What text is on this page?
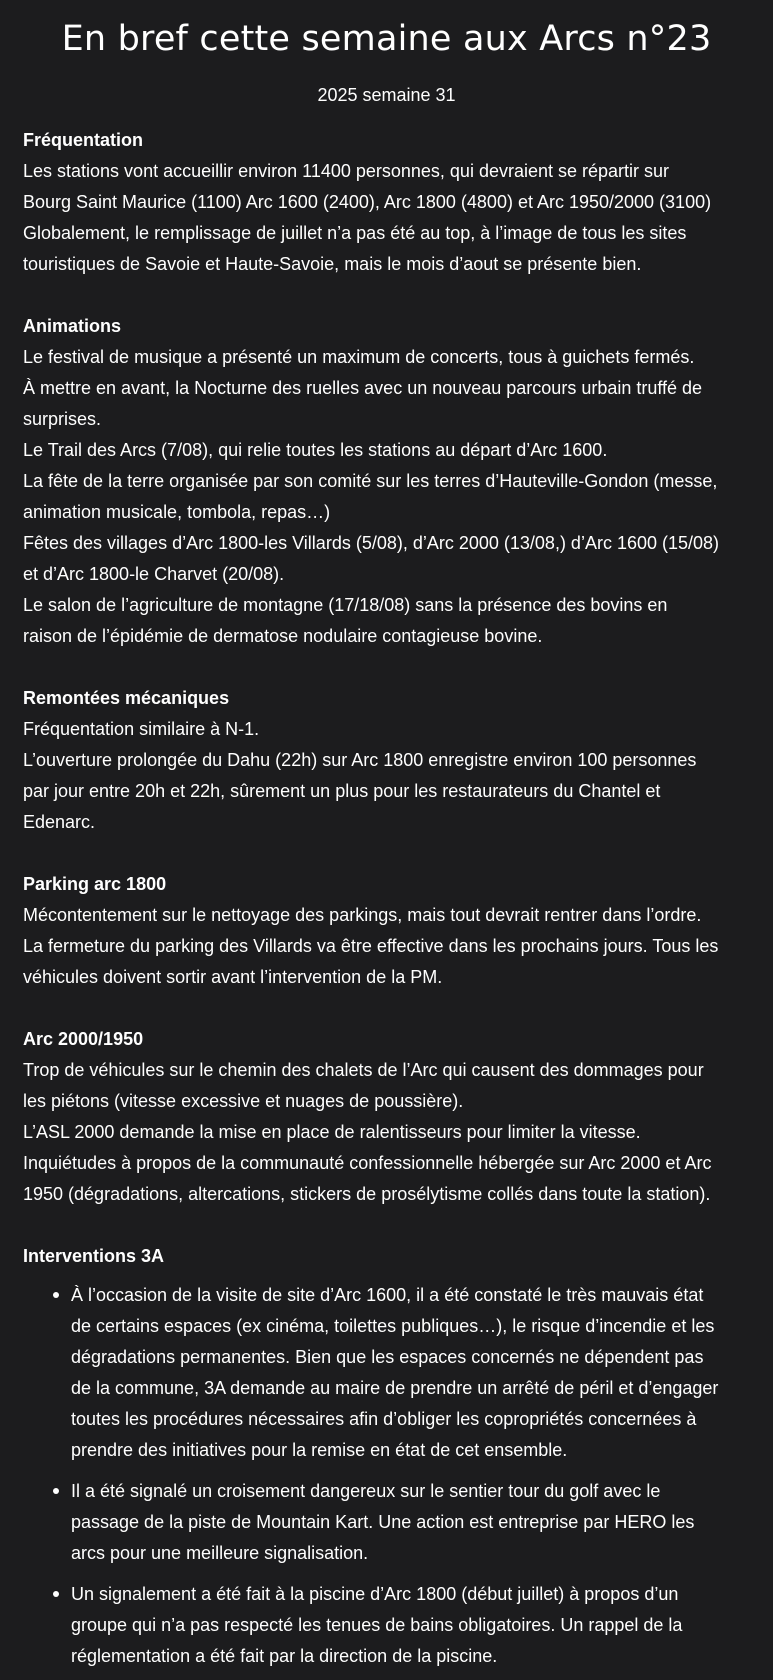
En bref cette semaine aux Arcs n°23
2025 semaine 31
Fréquentation
Les stations vont accueillir environ 11400 personnes, qui devraient se répartir sur
Bourg Saint Maurice (1100) Arc 1600 (2400), Arc 1800 (4800) et Arc 1950/2000 (3100)
Globalement, le remplissage de juillet n’a pas été au top, à l’image de tous les sites
touristiques de Savoie et Haute-Savoie, mais le mois d’aout se présente bien.
Animations
Le festival de musique a présenté un maximum de concerts, tous à guichets fermés.
À mettre en avant, la Nocturne des ruelles avec un nouveau parcours urbain truffé de
surprises.
Le Trail des Arcs (7/08), qui relie toutes les stations au départ d’Arc 1600.
La fête de la terre organisée par son comité sur les terres d’Hauteville-Gondon (messe,
animation musicale, tombola, repas…)
Fêtes des villages d’Arc 1800-les Villards (5/08), d’Arc 2000 (13/08,) d’Arc 1600 (15/08)
et d’Arc 1800-le Charvet (20/08).
Le salon de l’agriculture de montagne (17/18/08) sans la présence des bovins en
raison de l’épidémie de dermatose nodulaire contagieuse bovine.
Remontées mécaniques
Fréquentation similaire à N-1.
L’ouverture prolongée du Dahu (22h) sur Arc 1800 enregistre environ 100 personnes
par jour entre 20h et 22h, sûrement un plus pour les restaurateurs du Chantel et
Edenarc.
Parking arc 1800
Mécontentement sur le nettoyage des parkings, mais tout devrait rentrer dans l’ordre.
La fermeture du parking des Villards va être effective dans les prochains jours. Tous les
véhicules doivent sortir avant l’intervention de la PM.
Arc 2000/1950
Trop de véhicules sur le chemin des chalets de l’Arc qui causent des dommages pour
les piétons (vitesse excessive et nuages de poussière).
L’ASL 2000 demande la mise en place de ralentisseurs pour limiter la vitesse.
Inquiétudes à propos de la communauté confessionnelle hébergée sur Arc 2000 et Arc
1950 (dégradations, altercations, stickers de prosélytisme collés dans toute la station).
Interventions 3A
À l’occasion de la visite de site d’Arc 1600, il a été constaté le très mauvais état
de certains espaces (ex cinéma, toilettes publiques…), le risque d’incendie et les
dégradations permanentes. Bien que les espaces concernés ne dépendent pas
de la commune, 3A demande au maire de prendre un arrêté de péril et d’engager
toutes les procédures nécessaires afin d’obliger les copropriétés concernées à
prendre des initiatives pour la remise en état de cet ensemble.
Il a été signalé un croisement dangereux sur le sentier tour du golf avec le
passage de la piste de Mountain Kart. Une action est entreprise par HERO les
arcs pour une meilleure signalisation.
Un signalement a été fait à la piscine d’Arc 1800 (début juillet) à propos d’un
groupe qui n’a pas respecté les tenues de bains obligatoires. Un rappel de la
réglementation a été fait par la direction de la piscine.
